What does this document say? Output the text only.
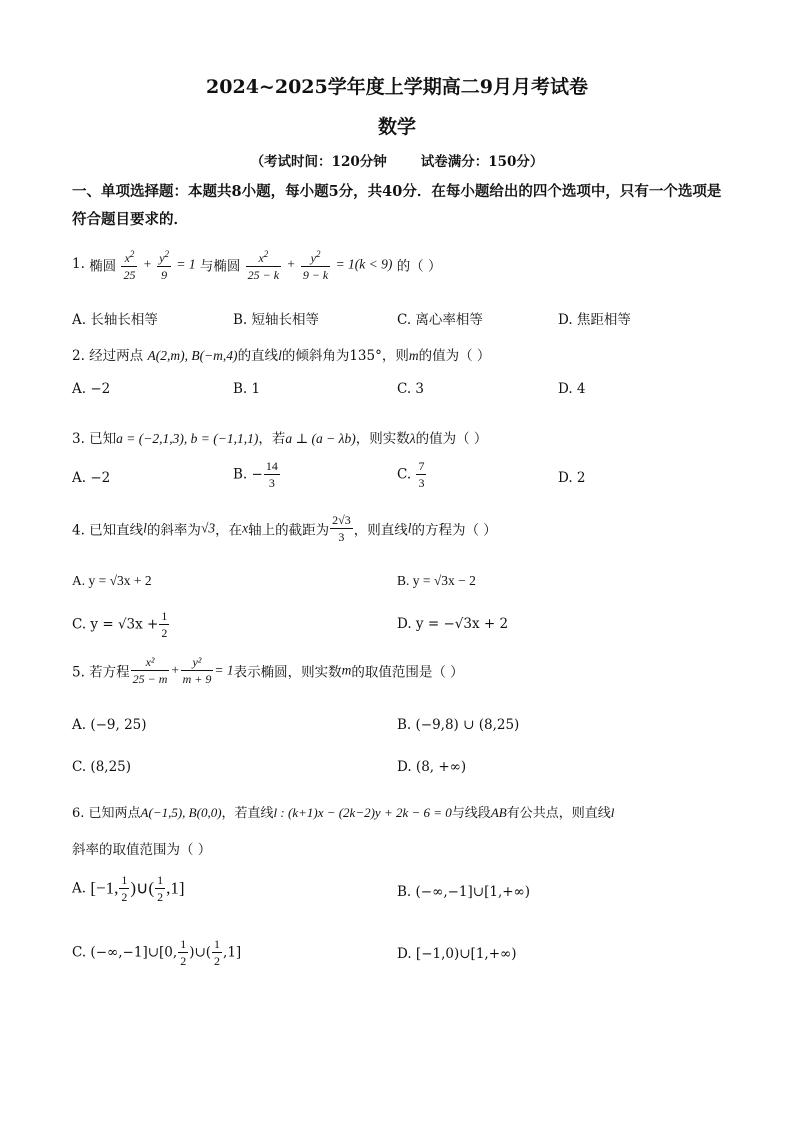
2024~2025学年度上学期高二9月月考试卷
数学
（考试时间：120分钟	试卷满分：150分）
一、单项选择题：本题共8小题，每小题5分，共40分．在每小题给出的四个选项中，只有一个选项是符合题目要求的．
1. 椭圆 $\frac{x^2}{25} + \frac{y^2}{9} = 1$ 与椭圆 $\frac{x^2}{25 - k} + \frac{y^2}{9 - k} = 1(k < 9)$ 的（ ）
A. 长轴长相等	B. 短轴长相等	C. 离心率相等	D. 焦距相等
2. 经过两点 A(2,m), B(−m,4)的直线l的倾斜角为135°，则m的值为（ ）
A. −2	B. 1	C. 3	D. 4
3. 已知a = (−2,1,3), b = (−1,1,1)，若a ⊥ (a − λb)，则实数λ的值为（ ）
A. −2	B. − $\frac{14}{3}$	C. $\frac{7}{3}$	D. 2
4. 已知直线l的斜率为√3，在x轴上的截距为 $\frac{2√3}{3}$ ，则直线l的方程为（ ）
A. y = √3x + 2	B. y = √3x − 2
C. $y = √3x + \frac{1}{2}$	D. y = −√3x + 2
5. 若方程 $\frac{\text{x²}}{25 - m} + \frac{\text{y²}}{m + 9} = 1$表示椭圆，则实数m的取值范围是（ ）
A. (−9, 25)	B. (−9,8) ∪ (8,25)
C. (8,25)	D. (8, +∞)
6. 已知两点A(−1,5), B(0,0)，若直线l : (k+1)x − (2k−2)y + 2k − 6 = 0与线段AB有公共点，则直线l
斜率的取值范围为（ ）
A. [−1, $\frac{1}{2}$ )∪( $\frac{1}{2} ,1$]	B. (−∞,−1]∪[1,+∞)
C. (−∞,−1]∪[0, $\frac{1}{2}$ )∪( $\frac{1}{2} ,1$]	D. [−1,0)∪[1,+∞)
